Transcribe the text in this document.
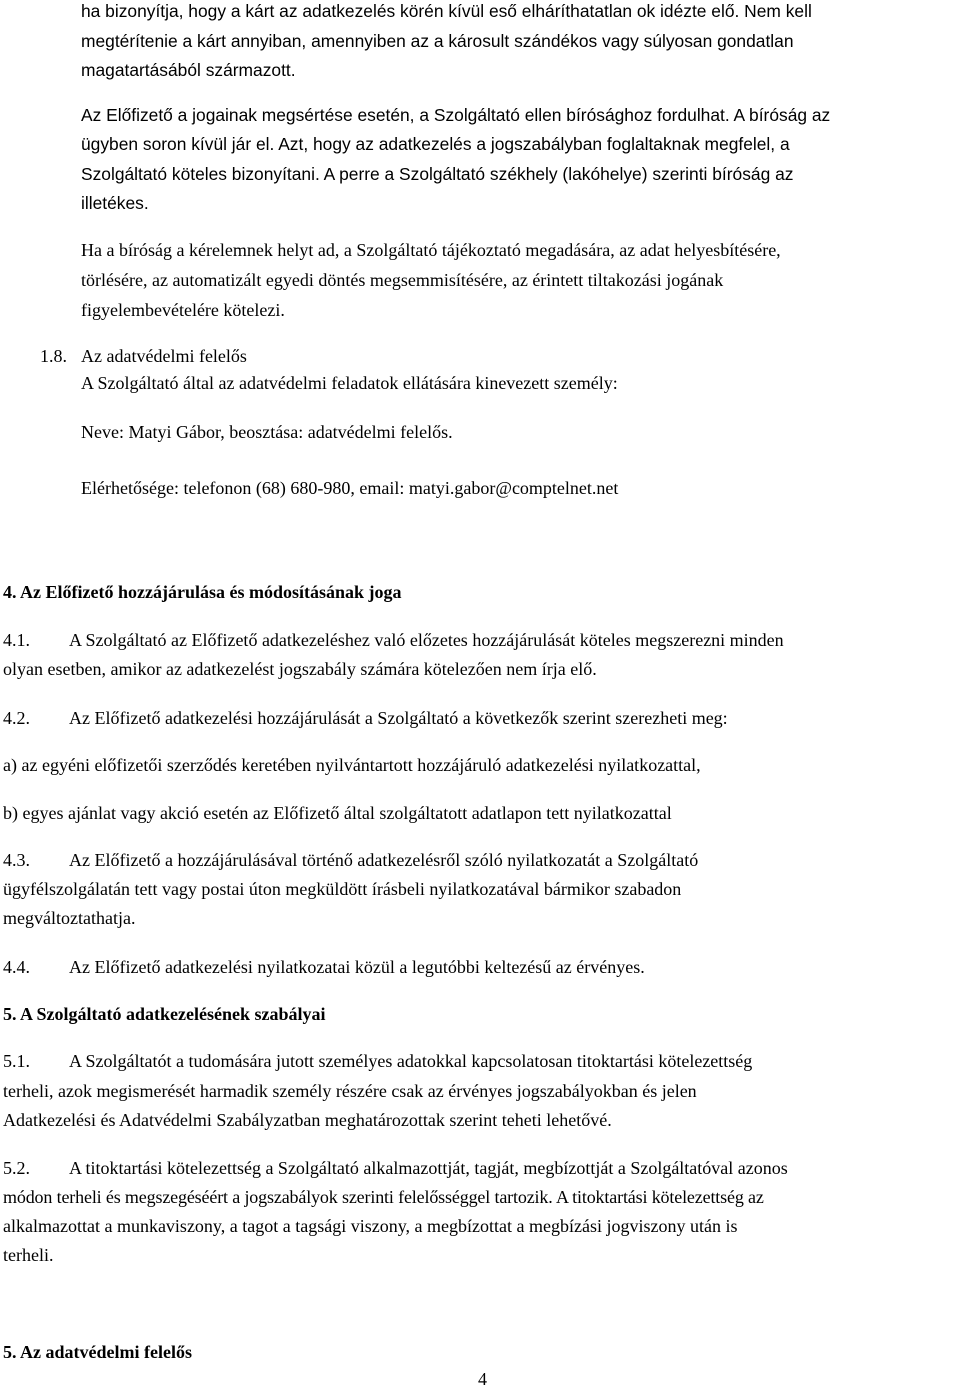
ha bizonyítja, hogy a kárt az adatkezelés körén kívül eső elháríthatatlan ok idézte elő. Nem kell
megtérítenie a kárt annyiban, amennyiben az a károsult szándékos vagy súlyosan gondatlan
magatartásából származott.
Az Előfizető a jogainak megsértése esetén, a Szolgáltató ellen bírósághoz fordulhat. A bíróság az
ügyben soron kívül jár el. Azt, hogy az adatkezelés a jogszabályban foglaltaknak megfelel, a
Szolgáltató köteles bizonyítani. A perre a Szolgáltató székhely (lakóhelye) szerinti bíróság az
illetékes.
Ha a bíróság a kérelemnek helyt ad, a Szolgáltató tájékoztató megadására, az adat helyesbítésére,
törlésére, az automatizált egyedi döntés megsemmisítésére, az érintett tiltakozási jogának
figyelembevételére kötelezi.
1.8. Az adatvédelmi felelős
A Szolgáltató által az adatvédelmi feladatok ellátására kinevezett személy:
Neve: Matyi Gábor, beosztása: adatvédelmi felelős.
Elérhetősége: telefonon (68) 680-980, email: matyi.gabor@comptelnet.net
4. Az Előfizető hozzájárulása és módosításának joga
4.1. A Szolgáltató az Előfizető adatkezeléshez való előzetes hozzájárulását köteles megszerezni minden
olyan esetben, amikor az adatkezelést jogszabály számára kötelezően nem írja elő.
4.2. Az Előfizető adatkezelési hozzájárulását a Szolgáltató a következők szerint szerezheti meg:
a) az egyéni előfizetői szerződés keretében nyilvántartott hozzájáruló adatkezelési nyilatkozattal,
b) egyes ajánlat vagy akció esetén az Előfizető által szolgáltatott adatlapon tett nyilatkozattal
4.3. Az Előfizető a hozzájárulásával történő adatkezelésről szóló nyilatkozatát a Szolgáltató
ügyfélszolgálatán tett vagy postai úton megküldött írásbeli nyilatkozatával bármikor szabadon
megváltoztathatja.
4.4. Az Előfizető adatkezelési nyilatkozatai közül a legutóbbi keltezésű az érvényes.
5. A Szolgáltató adatkezelésének szabályai
5.1. A Szolgáltatót a tudomására jutott személyes adatokkal kapcsolatosan titoktartási kötelezettség
terheli, azok megismerését harmadik személy részére csak az érvényes jogszabályokban és jelen
Adatkezelési és Adatvédelmi Szabályzatban meghatározottak szerint teheti lehetővé.
5.2. A titoktartási kötelezettség a Szolgáltató alkalmazottját, tagját, megbízottját a Szolgáltatóval azonos
módon terheli és megszegéséért a jogszabályok szerinti felelősséggel tartozik. A titoktartási kötelezettség az
alkalmazottat a munkaviszony, a tagot a tagsági viszony, a megbízottat a megbízási jogviszony után is
terheli.
5. Az adatvédelmi felelős
4
